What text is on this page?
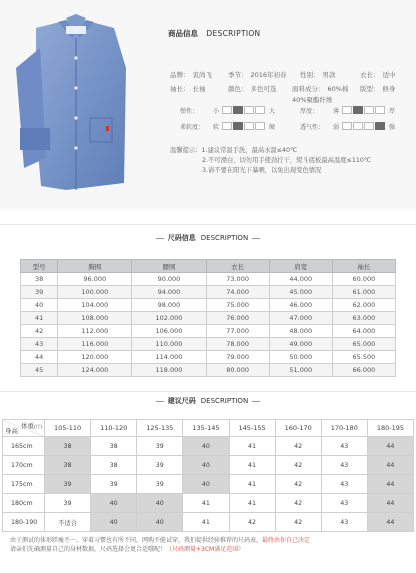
商品信息 DESCRIPTION
品牌： 衷尚飞 季节： 2016年初春 性别： 男款	衣长： 适中
袖长： 长袖	颜色： 多色可选 面料成分： 60%棉 版型： 修身
40%聚酯纤维
弹性：	小	大	厚度：	薄	厚
柔软度：	软	硬	透气性：	弱	强
温馨提示：1.建议常温手洗，最高水温≤40℃
2.不可漂白，切勿用手使劲拧干，熨斗底板最高温度≤110℃
3.请不要在阳光下暴晒，以免出现变色情况
尺码信息 DESCRIPTION
型号	胸围	腰围	衣长	肩宽	袖长
38	96.000	90.000	73.000	44.000	60.000
39	100.000	94.000	74.000	45.000	61.000
40	104.000	98.000	75.000	46.000	62.000
41	108.000	102.000	76.000	47.000	63.000
42	112.000	106.000	77.000	48.000	64.000
43	116.000	110.000	78.000	49.000	65.000
44	120.000	114.000	79.000	50.000	65.500
45	124.000	118.000	80.000	51.000	66.000
建议尺码 DESCRIPTION
体重(斤)
身高	105-110	110-120	125-135	135-145	145-155	160-170	170-180	180-195
165cm	38	38	39	40	41	42	43	44
170cm	38	38	39	40	41	42	43	44
175cm	39	39	39	40	41	42	43	44
180cm	39	40	40	41	41	42	43	44
180-190	不适合	40	40	41	42	42	43	44
由于测试的体形胖瘦不一，穿着习惯也有所不同，网购不能试穿，我们提供经验推荐的尺码表，最终由你自己决定
请亲们先确测量自己的身材数据，尺码选择会更合适哦呢！（尺码测量+3CM满足范围）
